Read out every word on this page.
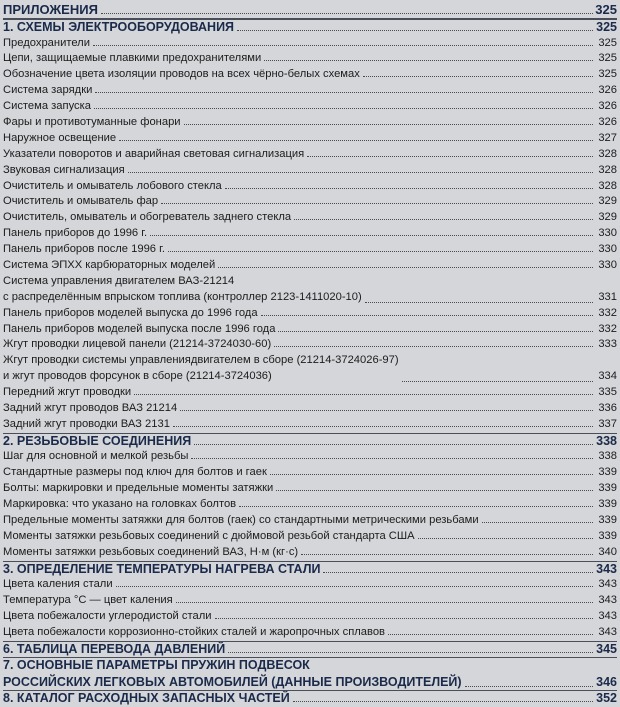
ПРИЛОЖЕНИЯ	325
1. СХЕМЫ ЭЛЕКТРООБОРУДОВАНИЯ	325
Предохранители	325
Цепи, защищаемые плавкими предохранителями	325
Обозначение цвета изоляции проводов на всех чёрно-белых схемах	325
Система зарядки	326
Система запуска	326
Фары и противотуманные фонари	326
Наружное освещение	327
Указатели поворотов и аварийная световая сигнализация	328
Звуковая сигнализация	328
Очиститель и омыватель лобового стекла	328
Очиститель и омыватель фар	329
Очиститель, омыватель и обогреватель заднего стекла	329
Панель приборов до 1996 г.	330
Панель приборов после 1996 г.	330
Система ЭПХХ карбюраторных моделей	330
Система управления двигателем ВАЗ-21214
с распределённым впрыском топлива (контроллер 2123-1411020-10)	331
Панель приборов моделей выпуска до 1996 года	332
Панель приборов моделей выпуска после 1996 года	332
Жгут проводки лицевой панели (21214-3724030-60)	333
Жгут проводки системы управлениядвигателем в сборе (21214-3724026-97)
и жгут проводов форсунок в сборе (21214-3724036)	334
Передний жгут проводки	335
Задний жгут проводов ВАЗ 21214	336
Задний жгут проводки ВАЗ 2131	337
2. РЕЗЬБОВЫЕ СОЕДИНЕНИЯ	338
Шаг для основной и мелкой резьбы	338
Стандартные размеры под ключ для болтов и гаек	339
Болты: маркировки и предельные моменты затяжки	339
Маркировка: что указано на головках болтов	339
Предельные моменты затяжки для болтов (гаек) со стандартными метрическими резьбами	339
Моменты затяжки резьбовых соединений с дюймовой резьбой стандарта США	339
Моменты затяжки резьбовых соединений ВАЗ, Н·м (кг·с)	340
3. ОПРЕДЕЛЕНИЕ ТЕМПЕРАТУРЫ НАГРЕВА СТАЛИ	343
Цвета каления стали	343
Температура °С — цвет каления	343
Цвета побежалости углеродистой стали	343
Цвета побежалости коррозионно-стойких сталей и жаропрочных сплавов	343
6. ТАБЛИЦА ПЕРЕВОДА ДАВЛЕНИЙ	345
7. ОСНОВНЫЕ ПАРАМЕТРЫ ПРУЖИН ПОДВЕСОК
РОССИЙСКИХ ЛЕГКОВЫХ АВТОМОБИЛЕЙ (ДАННЫЕ ПРОИЗВОДИТЕЛЕЙ)	346
8. КАТАЛОГ РАСХОДНЫХ ЗАПАСНЫХ ЧАСТЕЙ	352
